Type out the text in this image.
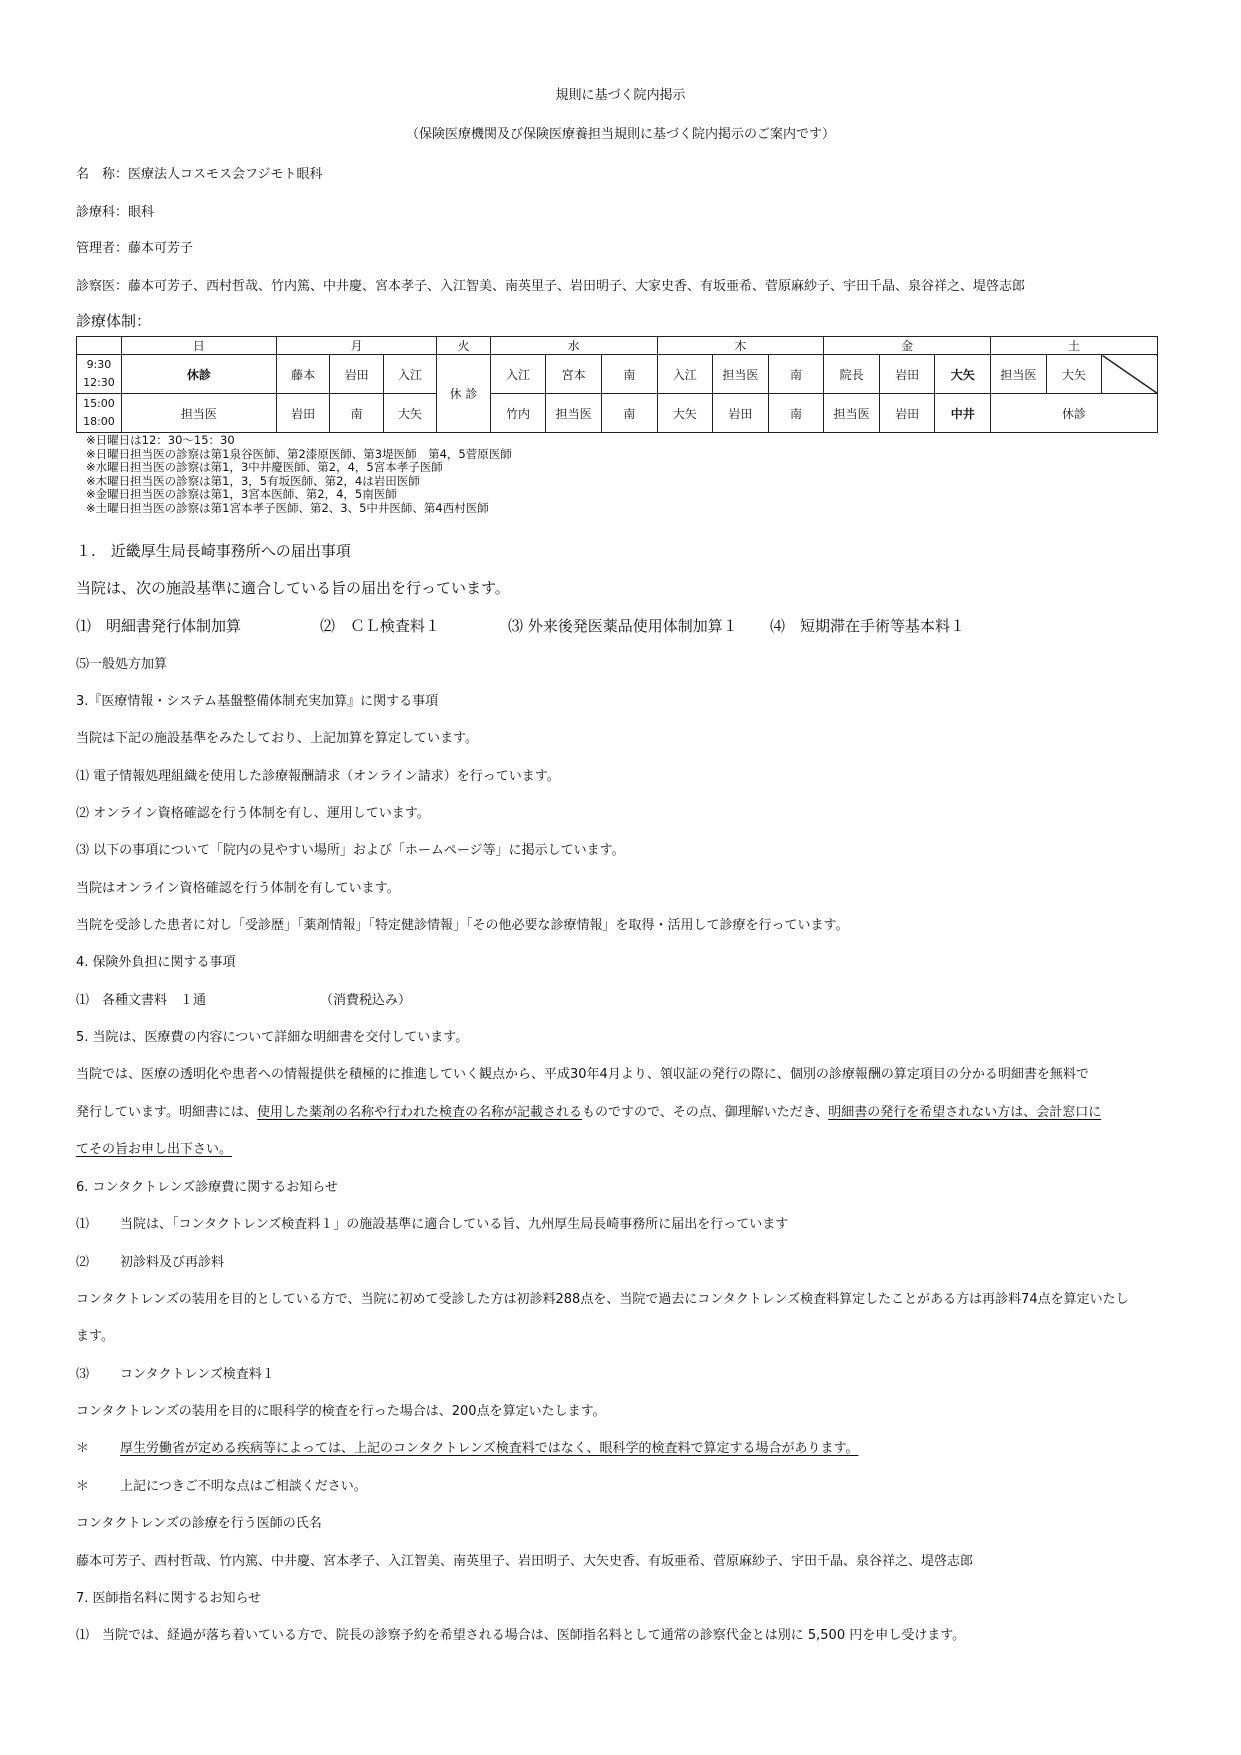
規則に基づく院内掲示
（保険医療機関及び保険医療養担当規則に基づく院内掲示のご案内です）
名　称：医療法人コスモス会フジモト眼科
診療科：眼科
管理者：藤本可芳子
診察医：藤本可芳子、西村哲哉、竹内篤、中井慶、宮本孝子、入江智美、南英里子、岩田明子、大家史香、有坂亜希、菅原麻紗子、宇田千晶、泉谷祥之、堤啓志郎
診療体制：
	日	月			火	水			木			金			土		
9:30
12:30	休診	藤本	岩田	入江	休 診	入江	宮本	南	入江	担当医	南	院長	岩田	大矢	担当医	大矢	
15:00
18:00	担当医	岩田	南	大矢		竹内	担当医	南	大矢	岩田	南	担当医	岩田	中井	休診		
※日曜日は12：30～15：30
※日曜日担当医の診察は第1泉谷医師、第2漆原医師、第3堤医師　第4，5菅原医師
※水曜日担当医の診察は第1，3中井慶医師、第2，4，5宮本孝子医師
※木曜日担当医の診察は第1，3，5有坂医師、第2，4は岩田医師
※金曜日担当医の診察は第1，3宮本医師、第2，4，5南医師
※土曜日担当医の診察は第1宮本孝子医師、第2、3、5中井医師、第4西村医師
１.　近畿厚生局長崎事務所への届出事項
当院は、次の施設基準に適合している旨の届出を行っています。
⑴　明細書発行体制加算	⑵　ＣＬ検査料１	⑶ 外来後発医薬品使用体制加算１ ⑷　短期滞在手術等基本料１
⑸一般処方加算
3.『医療情報・システム基盤整備体制充実加算』に関する事項
当院は下記の施設基準をみたしており、上記加算を算定しています。
⑴ 電子情報処理組織を使用した診療報酬請求（オンライン請求）を行っています。
⑵ オンライン資格確認を行う体制を有し、運用しています。
⑶ 以下の事項について「院内の見やすい場所」および「ホームページ等」に掲示しています。
当院はオンライン資格確認を行う体制を有しています。
当院を受診した患者に対し「受診歴」「薬剤情報」「特定健診情報」「その他必要な診療情報」を取得・活用して診療を行っています。
4. 保険外負担に関する事項
⑴　各種文書料　１通	（消費税込み）
5. 当院は、医療費の内容について詳細な明細書を交付しています。
当院では、医療の透明化や患者への情報提供を積極的に推進していく観点から、平成30年4月より、領収証の発行の際に、個別の診療報酬の算定項目の分かる明細書を無料で
発行しています。明細書には、使用した薬剤の名称や行われた検査の名称が記載されるものですので、その点、御理解いただき、明細書の発行を希望されない方は、会計窓口に
てその旨お申し出下さい。
6. コンタクトレンズ診療費に関するお知らせ
⑴ 当院は、「コンタクトレンズ検査料１」の施設基準に適合している旨、九州厚生局長崎事務所に届出を行っています
⑵ 初診料及び再診料
コンタクトレンズの装用を目的としている方で、当院に初めて受診した方は初診料288点を、当院で過去にコンタクトレンズ検査料算定したことがある方は再診料74点を算定いたし
ます。
⑶ コンタクトレンズ検査料１
コンタクトレンズの装用を目的に眼科学的検査を行った場合は、200点を算定いたします。
＊ 厚生労働省が定める疾病等によっては、上記のコンタクトレンズ検査料ではなく、眼科学的検査料で算定する場合があります。
＊ 上記につきご不明な点はご相談ください。
コンタクトレンズの診療を行う医師の氏名
藤本可芳子、西村哲哉、竹内篤、中井慶、宮本孝子、入江智美、南英里子、岩田明子、大矢史香、有坂亜希、菅原麻紗子、宇田千晶、泉谷祥之、堤啓志郎
7. 医師指名料に関するお知らせ
⑴　当院では、経過が落ち着いている方で、院長の診察予約を希望される場合は、医師指名料として通常の診察代金とは別に 5,500 円を申し受けます。
